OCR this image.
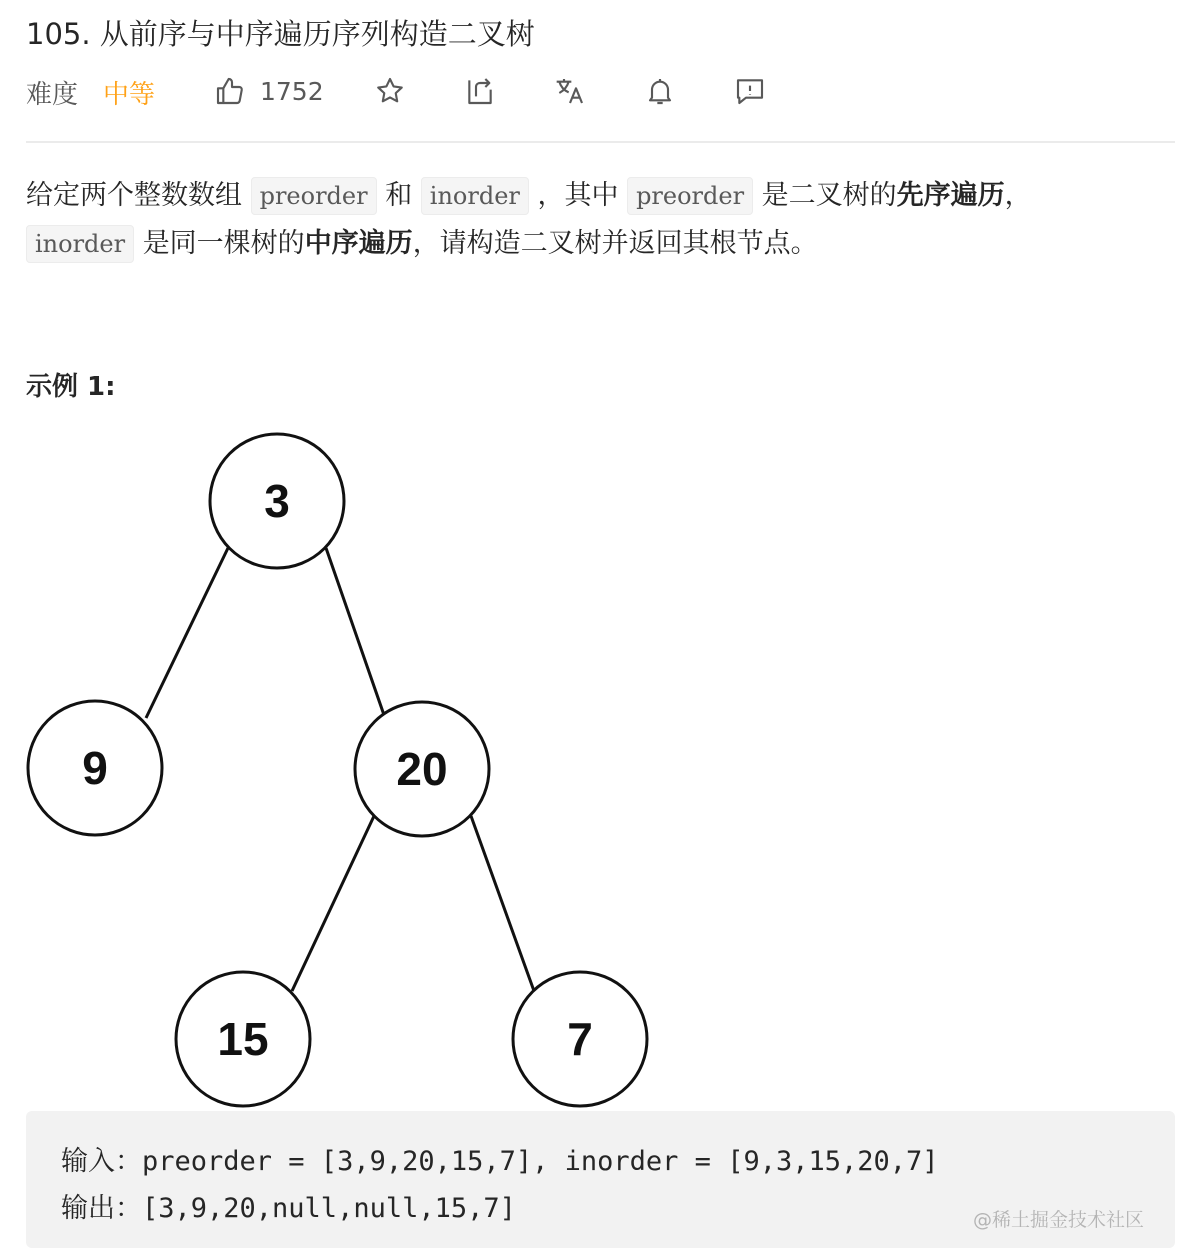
105. 从前序与中序遍历序列构造二叉树
难度 中等	1752

给定两个整数数组 preorder 和 inorder ，其中 preorder 是二叉树的先序遍历，
inorder 是同一棵树的中序遍历，请构造二叉树并返回其根节点。

示例 1:
3
9	20
15	7
输入：preorder = [3,9,20,15,7], inorder = [9,3,15,20,7]
输出：[3,9,20,null,null,15,7]	@稀土掘金技术社区
